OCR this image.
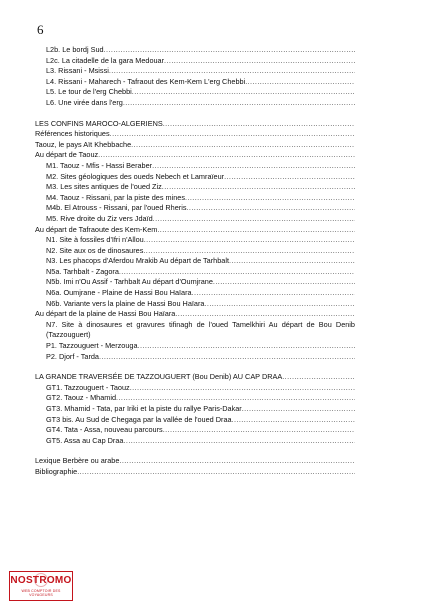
6
L2b. Le bordj Sud
.....
L2c. La citadelle de la gara Medouar
.....
L3. Rissani - Msissi
.....
L4. Rissani - Maharech - Tafraout des Kem-Kem L'erg Chebbi
.....
L5. Le tour de l'erg Chebbi
.....
L6. Une virée dans l'erg
.....
LES CONFINS MAROCO-ALGERIENS
.....
Références historiques
.....
Taouz, le pays Aït Khebbache
.....
Au départ de Taouz
.....
M1. Taouz - Mfis - Hassi Beraber
.....
M2. Sites géologiques des oueds Nebech et Lamraïeur
.....
M3. Les sites antiques de l'oued Ziz
.....
M4. Taouz - Rissani, par la piste des mines
.....
M4b. El Atrouss - Rissani, par l'oued Rheris
.....
M5. Rive droite du Ziz vers Jdaïd
.....
Au départ de Tafraoute des Kem-Kem
.....
N1. Site à fossiles d'Ifri n'Allou
.....
N2. Site aux os de dinosaures
.....
N3. Les phacops d'Aferdou Mrakib Au départ de Tarhbalt
.....
N5a. Tarhbalt - Zagora
.....
N5b. Imi n'Ou Assif - Tarhbalt Au départ d'Oumjrane
.....
N6a. Oumjrane - Plaine de Hassi Bou Haïara
.....
N6b. Variante vers la plaine de Hassi Bou Haïara
.....
Au départ de la plaine de Hassi Bou Haïara
.....
N7. Site à dinosaures et gravures tifinagh de l'oued Tamelkhiri Au départ de Bou Denib (Tazzouguert)
P1. Tazzouguert - Merzouga
.....
P2. Djorf - Tarda
.....
LA GRANDE TRAVERSÉE DE TAZZOUGUERT (Bou Denib) AU CAP DRAA
.....
GT1. Tazzouguert - Taouz
.....
GT2. Taouz - Mhamid
.....
GT3. Mhamid - Tata, par Iriki et la piste du rallye Paris-Dakar
.....
GT3 bis. Au Sud de Chegaga par la vallée de l'oued Draa
.....
GT4. Tata - Assa, nouveau parcours
.....
GT5. Assa au Cap Draa
.....
Lexique Berbère ou arabe
.....
Bibliographie
.....
NOSTROMO
WEB COMPTOIR DES VOYAGEURS
